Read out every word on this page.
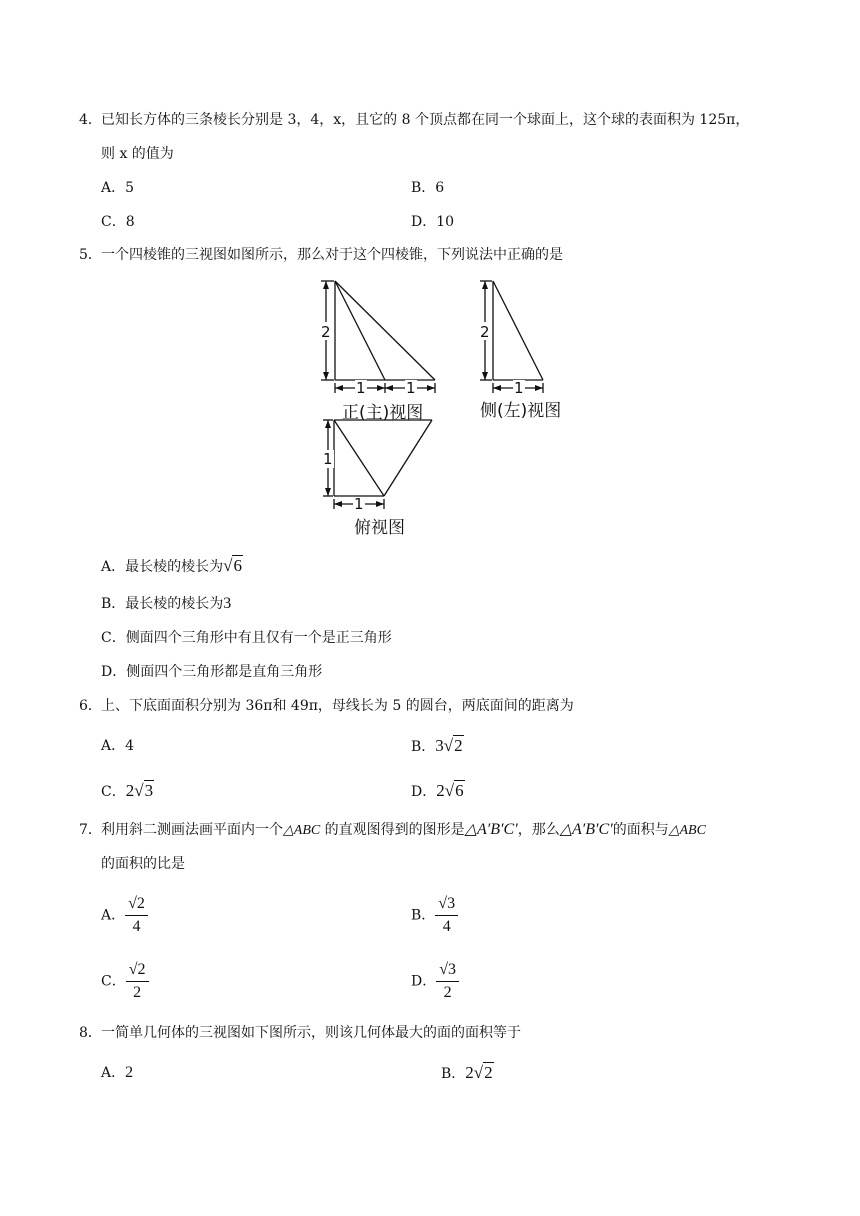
4． 已知长方体的三条棱长分别是 3，4，x，且它的 8 个顶点都在同一个球面上，这个球的表面积为 125π，
则 x 的值为
A．5	B．6
C．8	D．10
5． 一个四棱锥的三视图如图所示，那么对于这个四棱锥，下列说法中正确的是
2
1	1
2
1
1
1
正(主)视图	侧(左)视图
俯视图
A．最长棱的棱长为√6
B．最长棱的棱长为3
C．侧面四个三角形中有且仅有一个是正三角形
D．侧面四个三角形都是直角三角形
6． 上、下底面面积分别为 36π和 49π，母线长为 5 的圆台，两底面间的距离为
A．4	B．3√2
C．2√3	D．2√6
7． 利用斜二测画法画平面内一个△ABC 的直观图得到的图形是△A′B′C′，那么△A′B′C′的面积与△ABC
的面积的比是
A． $\frac{√2}{4}$	B． $\frac{√3}{4}$
C． $\frac{√2}{2}$	D． $\frac{√3}{2}$
8． 一简单几何体的三视图如下图所示，则该几何体最大的面的面积等于
A．2	B．2√2
